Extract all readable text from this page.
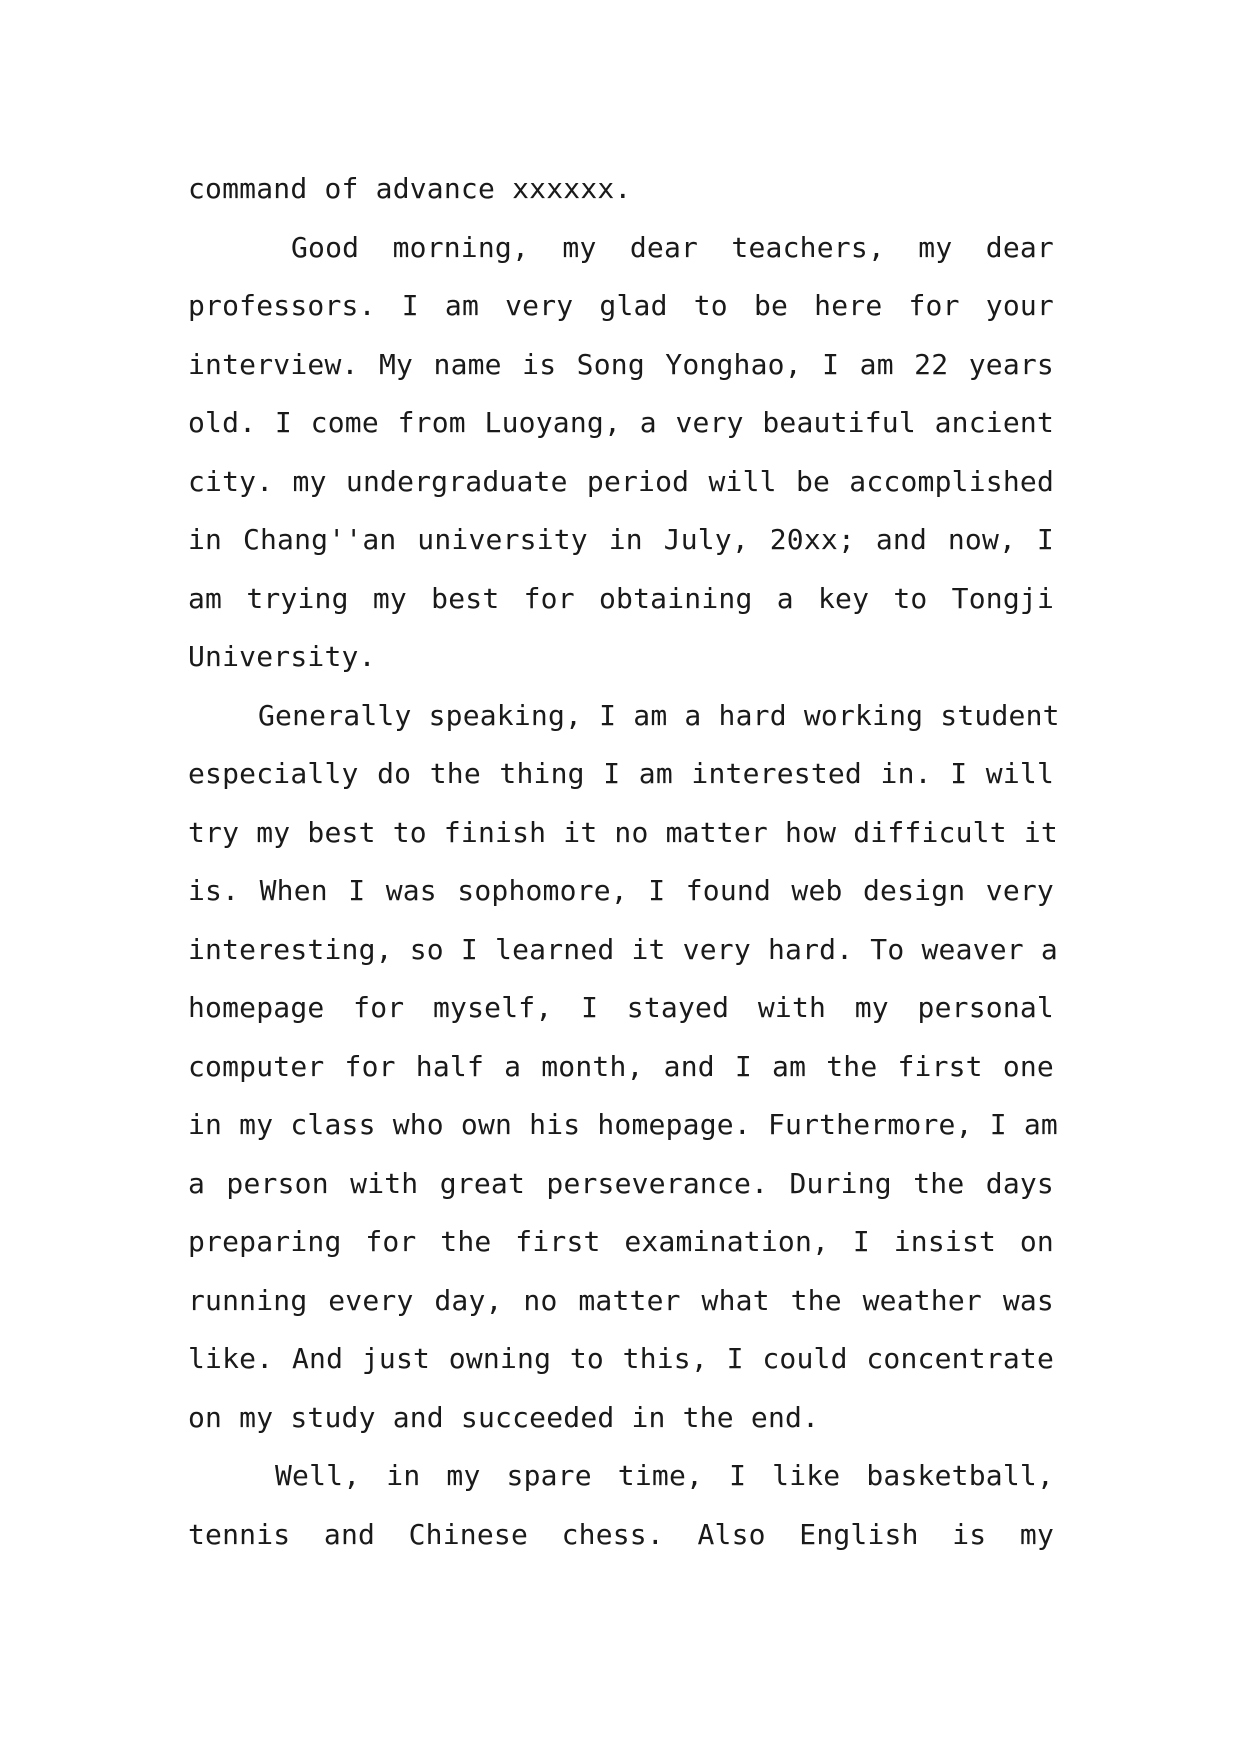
command of advance xxxxxx.
Good morning, my dear teachers, my dear
professors. I am very glad to be here for your
interview. My name is Song Yonghao, I am 22 years
old. I come from Luoyang, a very beautiful ancient
city. my undergraduate period will be accomplished
in Chang''an university in July, 20xx; and now, I
am trying my best for obtaining a key to Tongji
University.
Generally speaking, I am a hard working student
especially do the thing I am interested in. I will
try my best to finish it no matter how difficult it
is. When I was sophomore, I found web design very
interesting, so I learned it very hard. To weaver a
homepage for myself, I stayed with my personal
computer for half a month, and I am the first one
in my class who own his homepage. Furthermore, I am
a person with great perseverance. During the days
preparing for the first examination, I insist on
running every day, no matter what the weather was
like. And just owning to this, I could concentrate
on my study and succeeded in the end.
Well, in my spare time, I like basketball,
tennis and Chinese chess. Also English is my
